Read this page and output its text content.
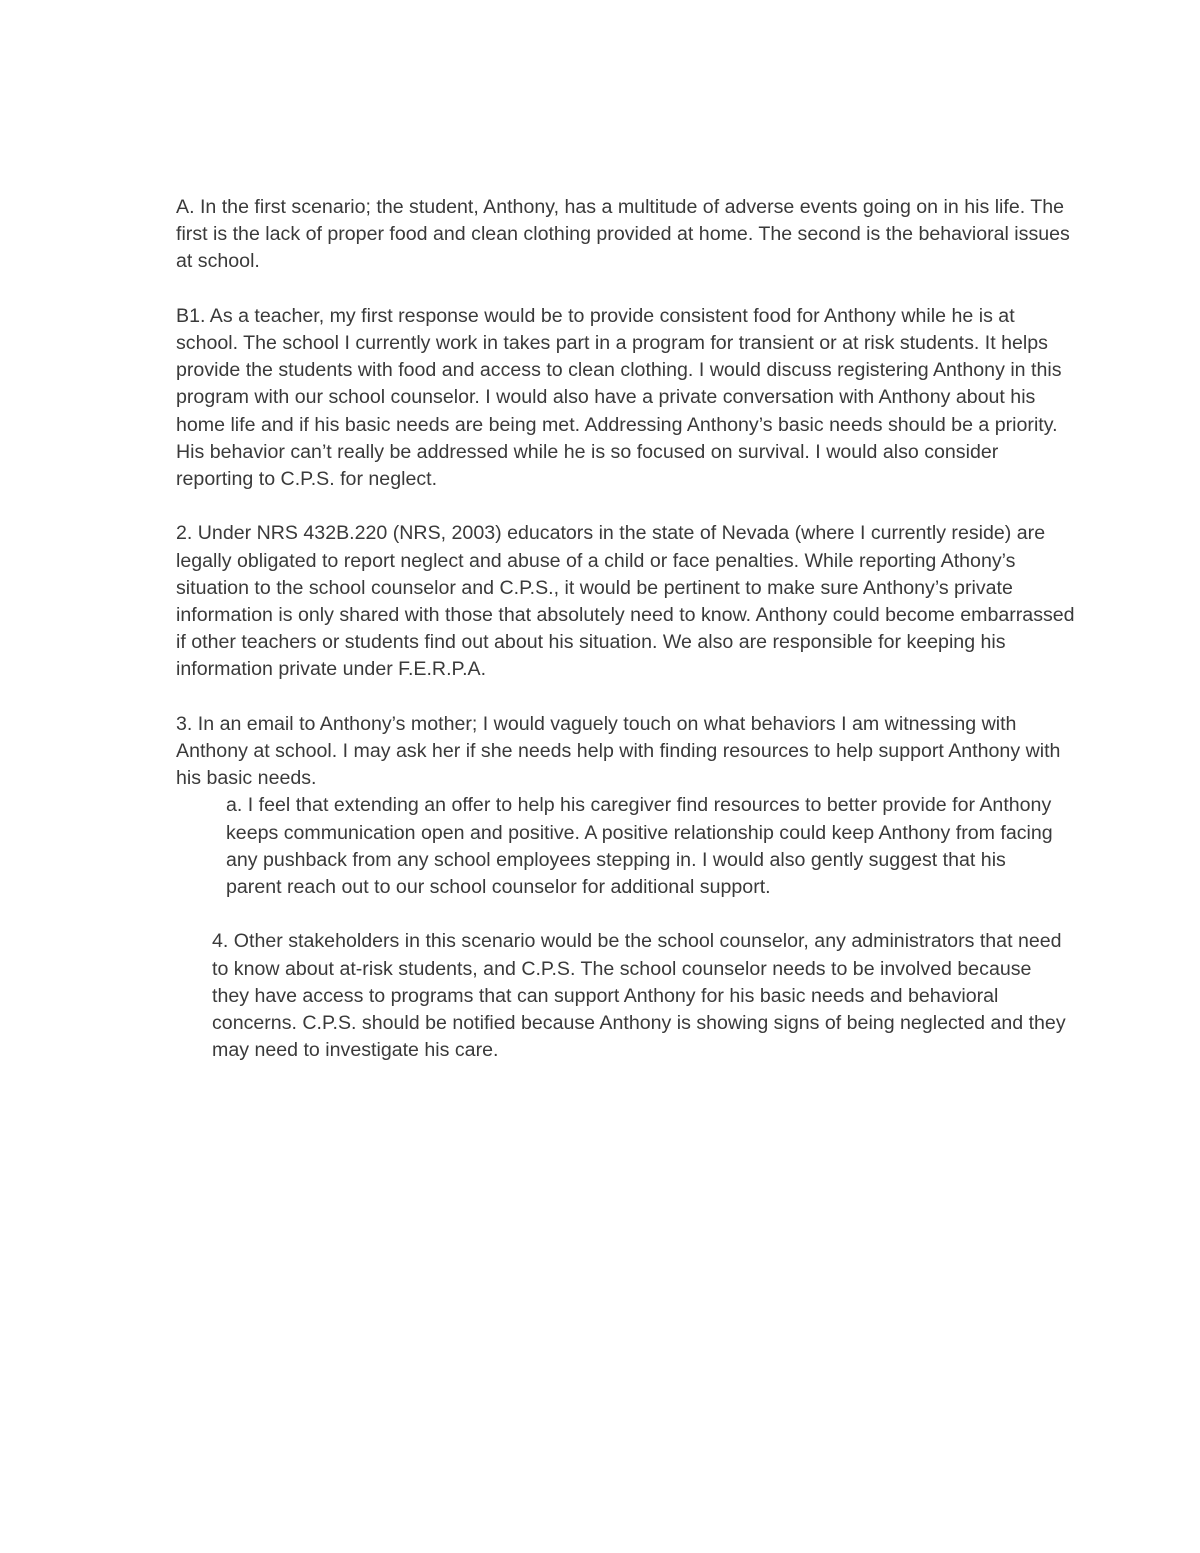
A. In the first scenario; the student, Anthony, has a multitude of adverse events going on in his life. The first is the lack of proper food and clean clothing provided at home. The second is the behavioral issues at school.

B1. As a teacher, my first response would be to provide consistent food for Anthony while he is at school. The school I currently work in takes part in a program for transient or at risk students. It helps provide the students with food and access to clean clothing. I would discuss registering Anthony in this program with our school counselor. I would also have a private conversation with Anthony about his home life and if his basic needs are being met. Addressing Anthony’s basic needs should be a priority. His behavior can’t really be addressed while he is so focused on survival. I would also consider reporting to C.P.S. for neglect.

2. Under NRS 432B.220 (NRS, 2003) educators in the state of Nevada (where I currently reside) are legally obligated to report neglect and abuse of a child or face penalties. While reporting Athony’s situation to the school counselor and C.P.S., it would be pertinent to make sure Anthony’s private information is only shared with those that absolutely need to know. Anthony could become embarrassed if other teachers or students find out about his situation. We also are responsible for keeping his information private under F.E.R.P.A.

3. In an email to Anthony’s mother; I would vaguely touch on what behaviors I am witnessing with Anthony at school. I may ask her if she needs help with finding resources to help support Anthony with his basic needs.

a. I feel that extending an offer to help his caregiver find resources to better provide for Anthony keeps communication open and positive. A positive relationship could keep Anthony from facing any pushback from any school employees stepping in. I would also gently suggest that his parent reach out to our school counselor for additional support.

4. Other stakeholders in this scenario would be the school counselor, any administrators that need to know about at-risk students, and C.P.S. The school counselor needs to be involved because they have access to programs that can support Anthony for his basic needs and behavioral concerns. C.P.S. should be notified because Anthony is showing signs of being neglected and they may need to investigate his care.
